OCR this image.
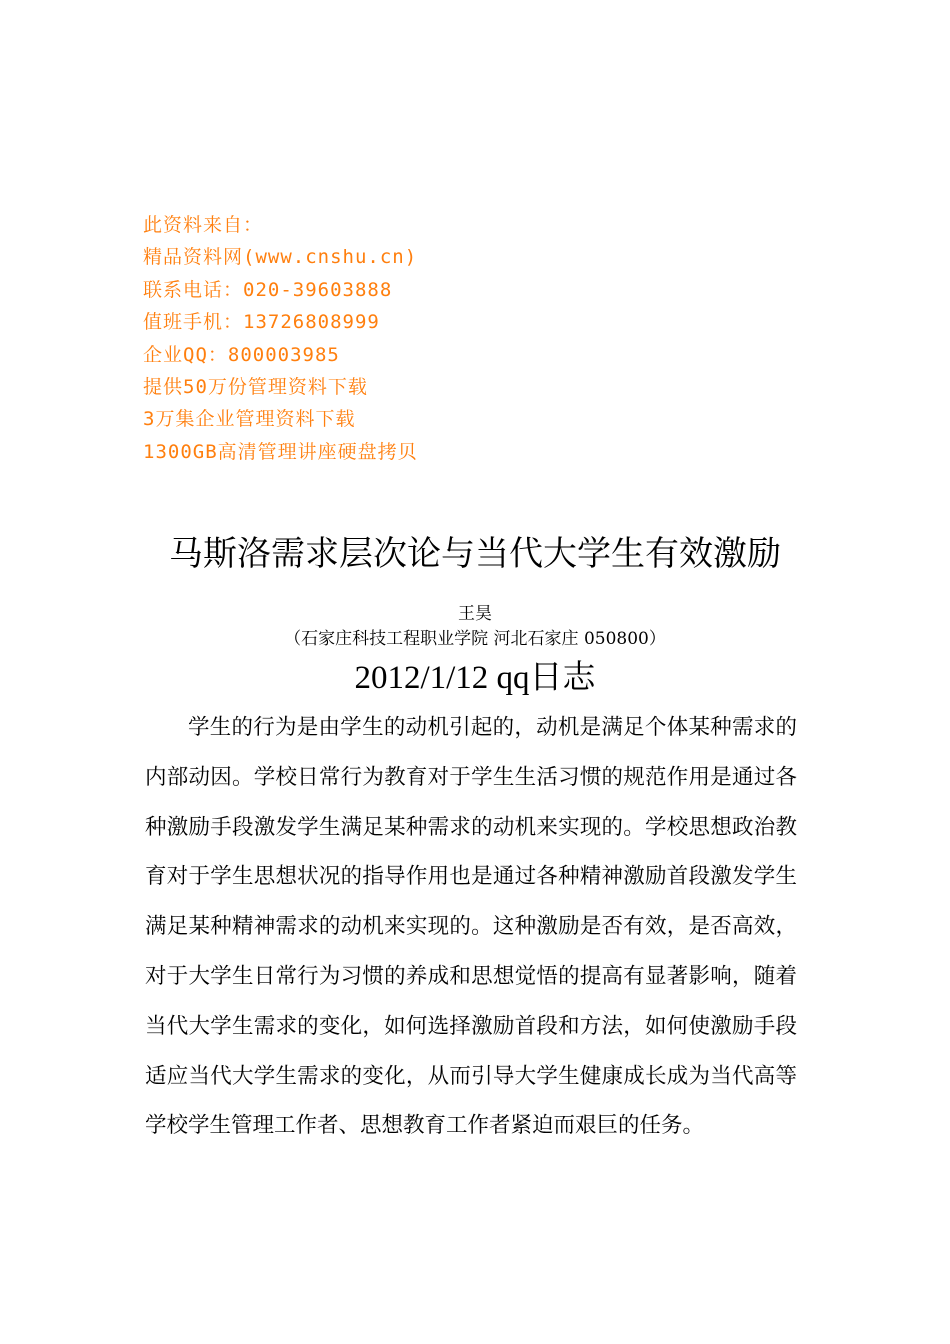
此资料来自：
精品资料网(www.cnshu.cn)
联系电话：020-39603888
值班手机：13726808999
企业QQ：800003985
提供50万份管理资料下载
3万集企业管理资料下载
1300GB高清管理讲座硬盘拷贝
马斯洛需求层次论与当代大学生有效激励
王昊
（石家庄科技工程职业学院 河北石家庄 050800）
2012/1/12 qq日志

学生的行为是由学生的动机引起的，动机是满足个体某种需求的内部动因。学校日常行为教育对于学生生活习惯的规范作用是通过各种激励手段激发学生满足某种需求的动机来实现的。学校思想政治教育对于学生思想状况的指导作用也是通过各种精神激励首段激发学生满足某种精神需求的动机来实现的。这种激励是否有效，是否高效，对于大学生日常行为习惯的养成和思想觉悟的提高有显著影响，随着当代大学生需求的变化，如何选择激励首段和方法，如何使激励手段适应当代大学生需求的变化，从而引导大学生健康成长成为当代高等学校学生管理工作者、思想教育工作者紧迫而艰巨的任务。
